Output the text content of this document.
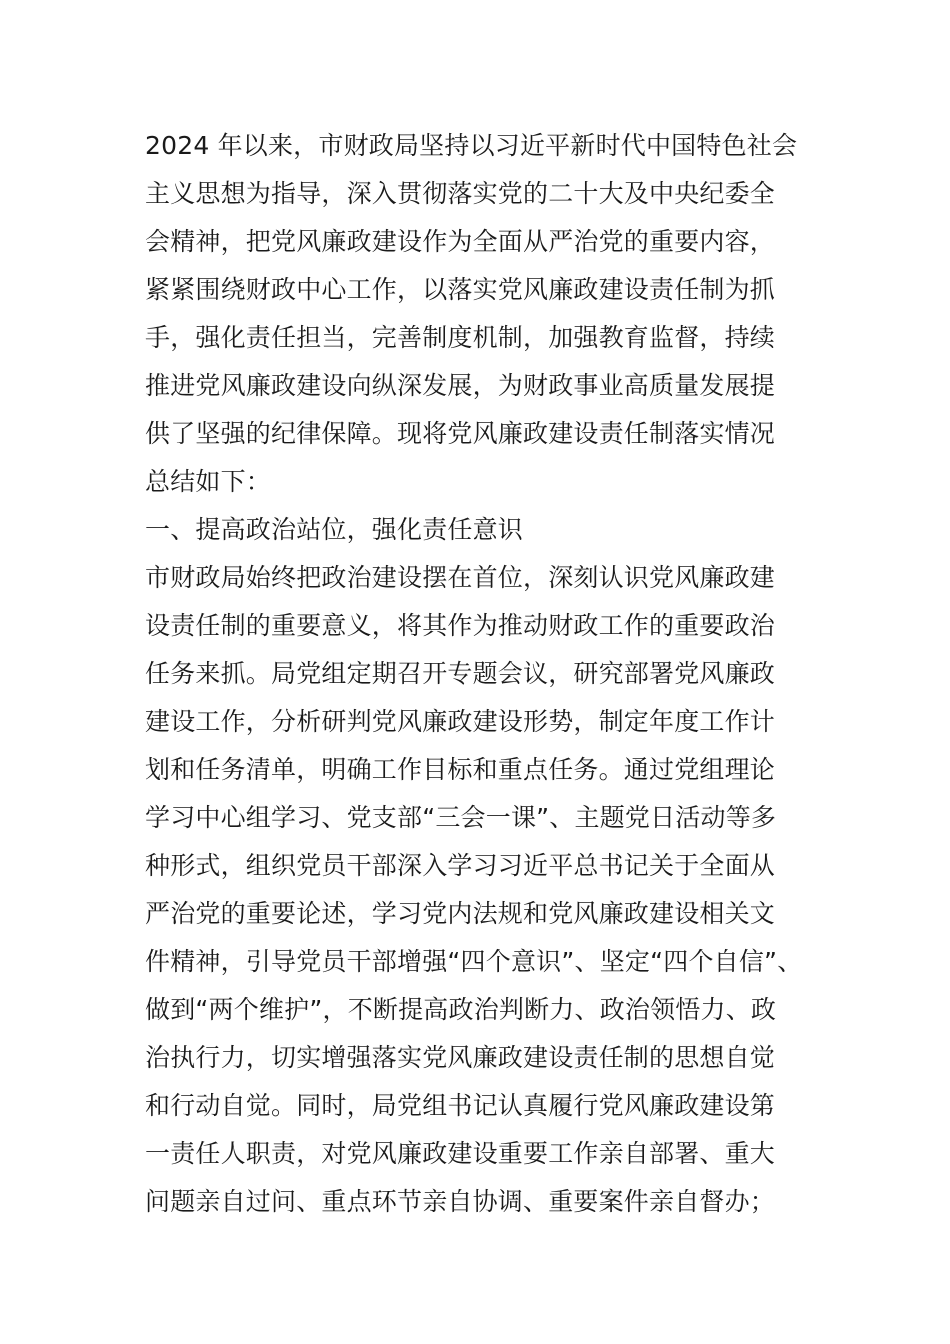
2024 年以来，市财政局坚持以习近平新时代中国特色社会
主义思想为指导，深入贯彻落实党的二十大及中央纪委全
会精神，把党风廉政建设作为全面从严治党的重要内容，
紧紧围绕财政中心工作，以落实党风廉政建设责任制为抓
手，强化责任担当，完善制度机制，加强教育监督，持续
推进党风廉政建设向纵深发展，为财政事业高质量发展提
供了坚强的纪律保障。现将党风廉政建设责任制落实情况
总结如下：
一、提高政治站位，强化责任意识
市财政局始终把政治建设摆在首位，深刻认识党风廉政建
设责任制的重要意义，将其作为推动财政工作的重要政治
任务来抓。局党组定期召开专题会议，研究部署党风廉政
建设工作，分析研判党风廉政建设形势，制定年度工作计
划和任务清单，明确工作目标和重点任务。通过党组理论
学习中心组学习、党支部“三会一课”、主题党日活动等多
种形式，组织党员干部深入学习习近平总书记关于全面从
严治党的重要论述，学习党内法规和党风廉政建设相关文
件精神，引导党员干部增强“四个意识”、坚定“四个自信”、
做到“两个维护”，不断提高政治判断力、政治领悟力、政
治执行力，切实增强落实党风廉政建设责任制的思想自觉
和行动自觉。同时，局党组书记认真履行党风廉政建设第
一责任人职责，对党风廉政建设重要工作亲自部署、重大
问题亲自过问、重点环节亲自协调、重要案件亲自督办；
